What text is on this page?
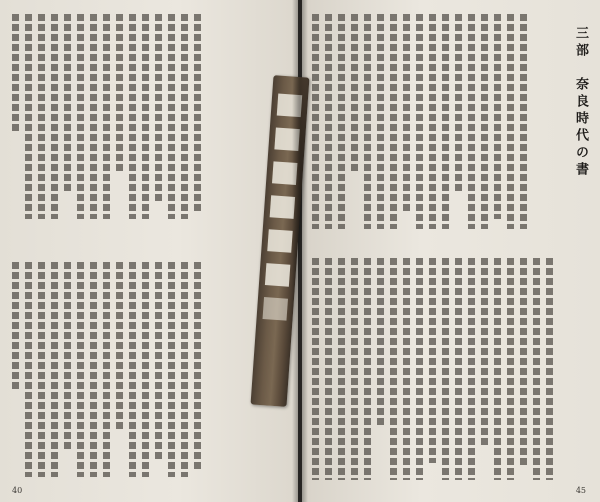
40
三部　奈良時代の書
45
